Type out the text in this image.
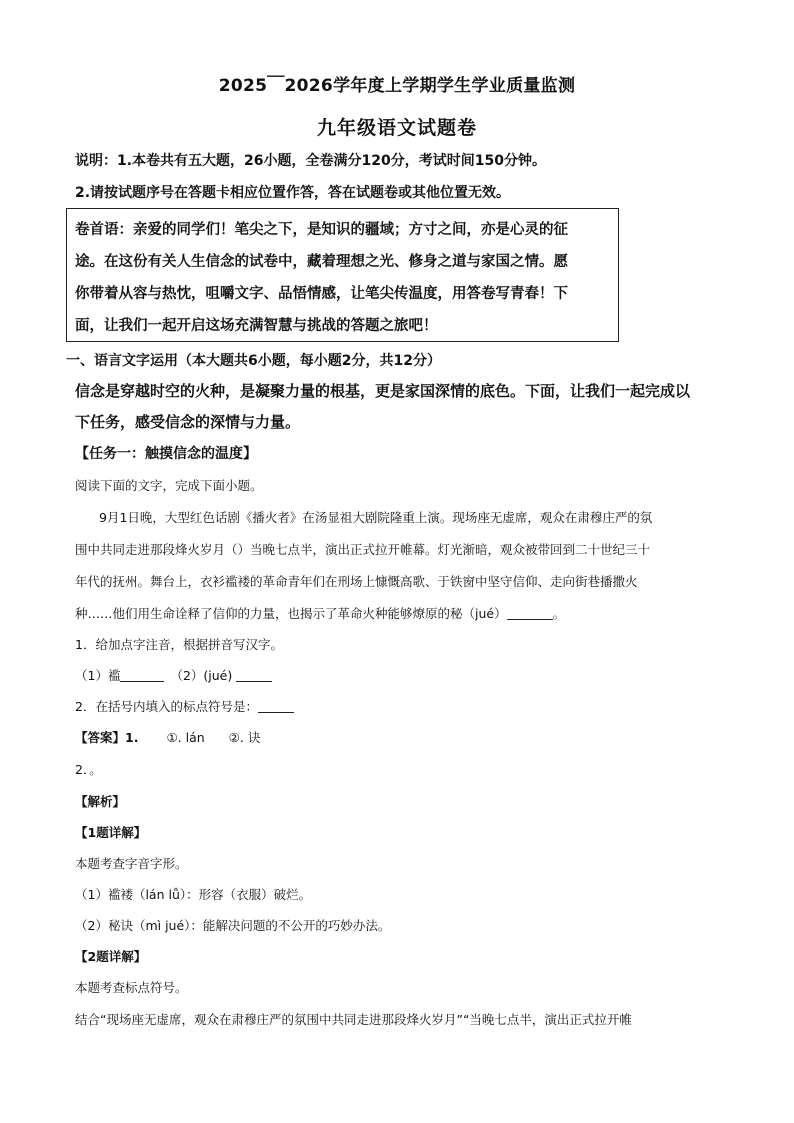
2025￣2026学年度上学期学生学业质量监测
九年级语文试题卷
说明：1.本卷共有五大题，26小题，全卷满分120分，考试时间150分钟。
2.请按试题序号在答题卡相应位置作答，答在试题卷或其他位置无效。
卷首语：亲爱的同学们！笔尖之下，是知识的疆域；方寸之间，亦是心灵的征
途。在这份有关人生信念的试卷中，藏着理想之光、修身之道与家国之情。愿
你带着从容与热忱，咀嚼文字、品悟情感，让笔尖传温度，用答卷写青春！下
面，让我们一起开启这场充满智慧与挑战的答题之旅吧！
一、语言文字运用（本大题共6小题，每小题2分，共12分）
信念是穿越时空的火种，是凝聚力量的根基，更是家国深情的底色。下面，让我们一起完成以
下任务，感受信念的深情与力量。
【任务一：触摸信念的温度】
阅读下面的文字，完成下面小题。
9月1日晚，大型红色话剧《播火者》在汤显祖大剧院隆重上演。现场座无虚席，观众在肃穆庄严的氛
围中共同走进那段烽火岁月（）当晚七点半，演出正式拉开帷幕。灯光渐暗，观众被带回到二十世纪三十
年代的抚州。舞台上，衣衫褴褛的革命青年们在刑场上慷慨高歌、于铁窗中坚守信仰、走向街巷播撒火
种……他们用生命诠释了信仰的力量，也揭示了革命火种能够燎原的秘（jué）	。
1．给加点字注音，根据拼音写汉字。
（1）褴	（2）(jué)
2．在括号内填入的标点符号是：
【答案】1. ①. lán ②. 诀
2．。
【解析】
【1题详解】
本题考查字音字形。
（1）褴褛（lán lǚ）：形容（衣服）破烂。
（2）秘诀（mì jué）：能解决问题的不公开的巧妙办法。
【2题详解】
本题考查标点符号。
结合“现场座无虚席，观众在肃穆庄严的氛围中共同走进那段烽火岁月”“当晚七点半，演出正式拉开帷
